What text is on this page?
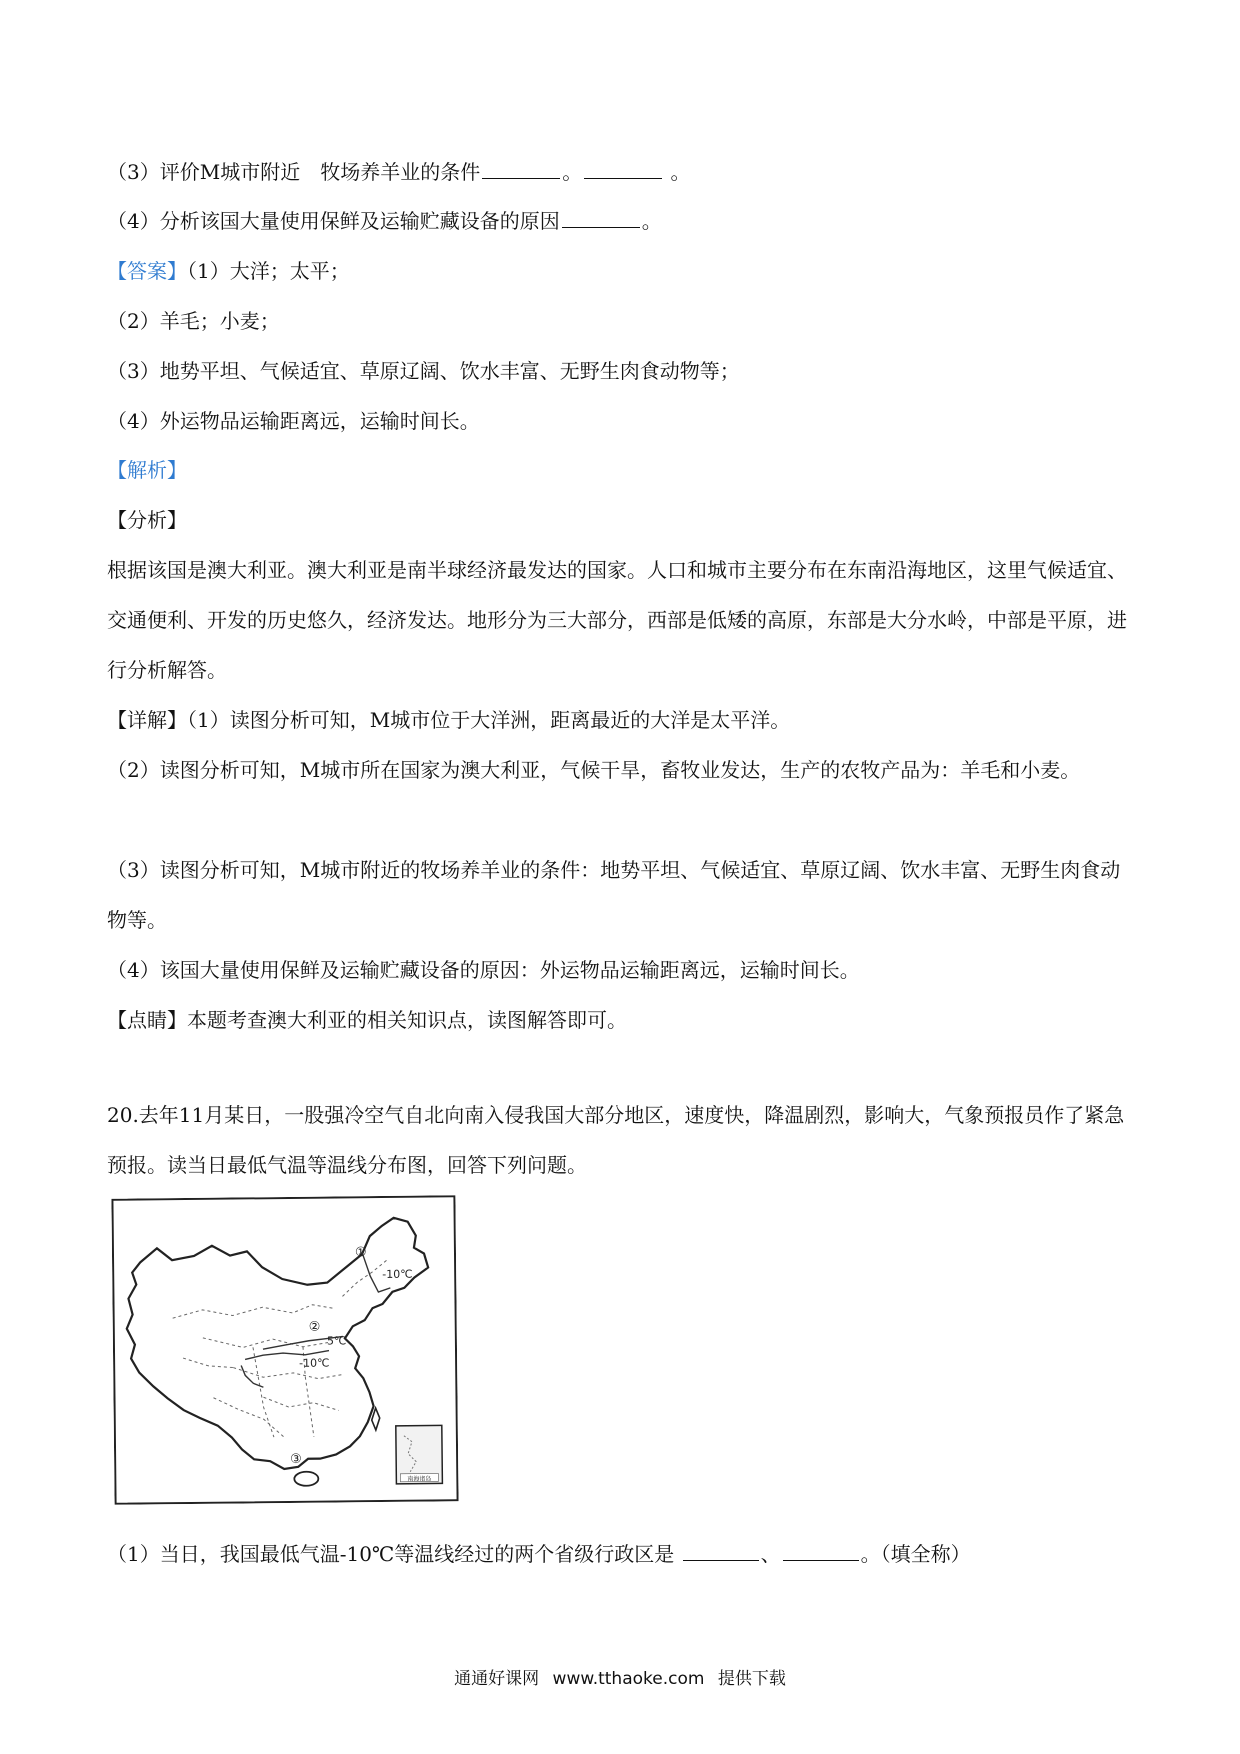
（3）评价M城市附近　牧场养羊业的条件	。	。
（4）分析该国大量使用保鲜及运输贮藏设备的原因	。
【答案】（1）大洋；太平；
（2）羊毛；小麦；
（3）地势平坦、气候适宜、草原辽阔、饮水丰富、无野生肉食动物等；
（4）外运物品运输距离远，运输时间长。
【解析】
【分析】
根据该国是澳大利亚。澳大利亚是南半球经济最发达的国家。人口和城市主要分布在东南沿海地区，这里气候适宜、交通便利、开发的历史悠久，经济发达。地形分为三大部分，西部是低矮的高原，东部是大分水岭，中部是平原，进行分析解答。
【详解】（1）读图分析可知，M城市位于大洋洲，距离最近的大洋是太平洋。
（2）读图分析可知，M城市所在国家为澳大利亚，气候干旱，畜牧业发达，生产的农牧产品为：羊毛和小麦。
（3）读图分析可知，M城市附近的牧场养羊业的条件：地势平坦、气候适宜、草原辽阔、饮水丰富、无野生肉食动物等。
（4）该国大量使用保鲜及运输贮藏设备的原因：外运物品运输距离远，运输时间长。
【点睛】本题考查澳大利亚的相关知识点，读图解答即可。
20.去年11月某日，一股强冷空气自北向南入侵我国大部分地区，速度快，降温剧烈，影响大，气象预报员作了紧急预报。读当日最低气温等温线分布图，回答下列问题。
①
-10℃
②
5℃
-10℃
③
南海诸岛
（1）当日，我国最低气温-10℃等温线经过的两个省级行政区是	、	。（填全称）
通通好课网 www.tthaoke.com 提供下载
